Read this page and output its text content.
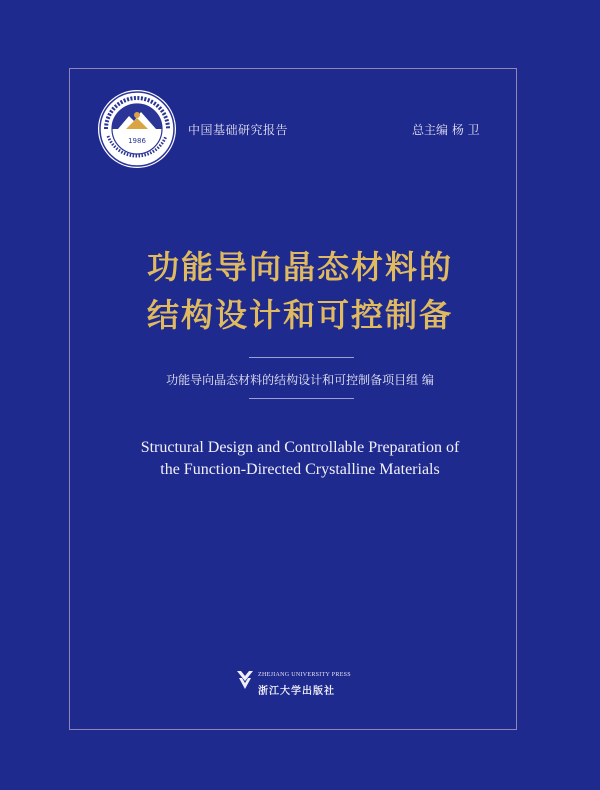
1986
中国基础研究报告	总主编 杨 卫
功能导向晶态材料的
结构设计和可控制备
功能导向晶态材料的结构设计和可控制备项目组 编
Structural Design and Controllable Preparation of
the Function-Directed Crystalline Materials
ZHEJIANG UNIVERSITY PRESS
浙江大学出版社
